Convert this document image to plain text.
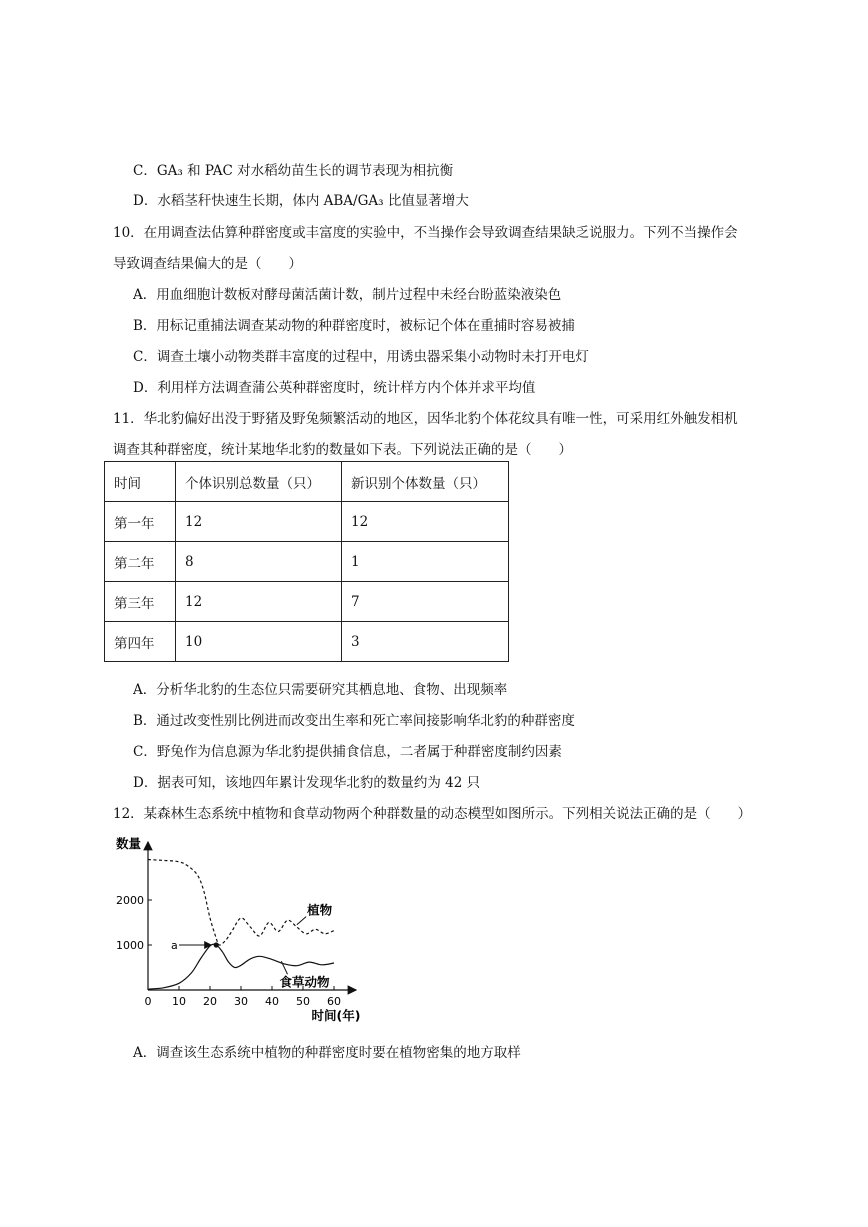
C．GA₃ 和 PAC 对水稻幼苗生长的调节表现为相抗衡
D．水稻茎秆快速生长期，体内 ABA/GA₃ 比值显著增大
10．在用调查法估算种群密度或丰富度的实验中，不当操作会导致调查结果缺乏说服力。下列不当操作会
导致调查结果偏大的是（　　）
A．用血细胞计数板对酵母菌活菌计数，制片过程中未经台盼蓝染液染色
B．用标记重捕法调查某动物的种群密度时，被标记个体在重捕时容易被捕
C．调查土壤小动物类群丰富度的过程中，用诱虫器采集小动物时未打开电灯
D．利用样方法调查蒲公英种群密度时，统计样方内个体并求平均值
11．华北豹偏好出没于野猪及野兔频繁活动的地区，因华北豹个体花纹具有唯一性，可采用红外触发相机
调查其种群密度，统计某地华北豹的数量如下表。下列说法正确的是（　　）
时间	个体识别总数量（只）	新识别个体数量（只）
第一年	12	12
第二年	8	1
第三年	12	7
第四年	10	3
A．分析华北豹的生态位只需要研究其栖息地、食物、出现频率
B．通过改变性别比例进而改变出生率和死亡率间接影响华北豹的种群密度
C．野兔作为信息源为华北豹提供捕食信息，二者属于种群密度制约因素
D．据表可知，该地四年累计发现华北豹的数量约为 42 只
12．某森林生态系统中植物和食草动物两个种群数量的动态模型如图所示。下列相关说法正确的是（　　）
0 10 20 30 40 50 60
1000
2000
数量
时间(年)
植物
食草动物
a
A．调查该生态系统中植物的种群密度时要在植物密集的地方取样
